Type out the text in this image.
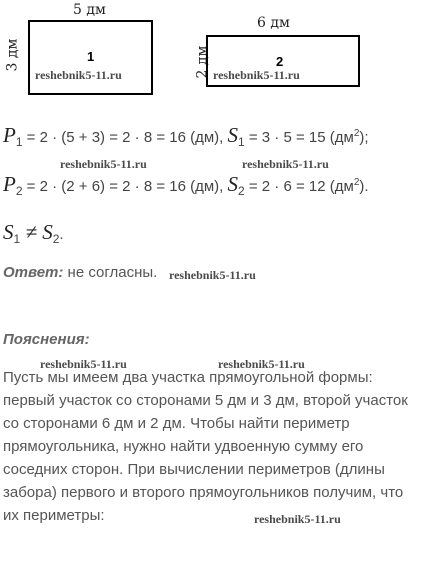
5 дм
3 дм	1
reshebnik5-11.ru
6 дм
2 дм	2
reshebnik5-11.ru
$P_1 = 2 \cdot (5 + 3) = 2 \cdot 8 = 16$ (дм), $S_1 = 3 \cdot 5 = 15$ $(дм^2)$;
reshebnik5-11.ru	reshebnik5-11.ru
$P_2 = 2 \cdot (2 + 6) = 2 \cdot 8 = 16$ (дм), $S_2 = 2 \cdot 6 = 12$ $(дм^2)$.
$S_1 \ne S_2$.
Ответ: не согласны. reshebnik5-11.ru
Пояснения:
reshebnik5-11.ru	reshebnik5-11.ru
Пусть мы имеем два участка прямоугольной формы:
первый участок со сторонами 5 дм и 3 дм, второй участок
со сторонами 6 дм и 2 дм. Чтобы найти периметр
прямоугольника, нужно найти удвоенную сумму его
соседних сторон. При вычислении периметров (длины
забора) первого и второго прямоугольников получим, что
их периметры:	reshebnik5-11.ru
